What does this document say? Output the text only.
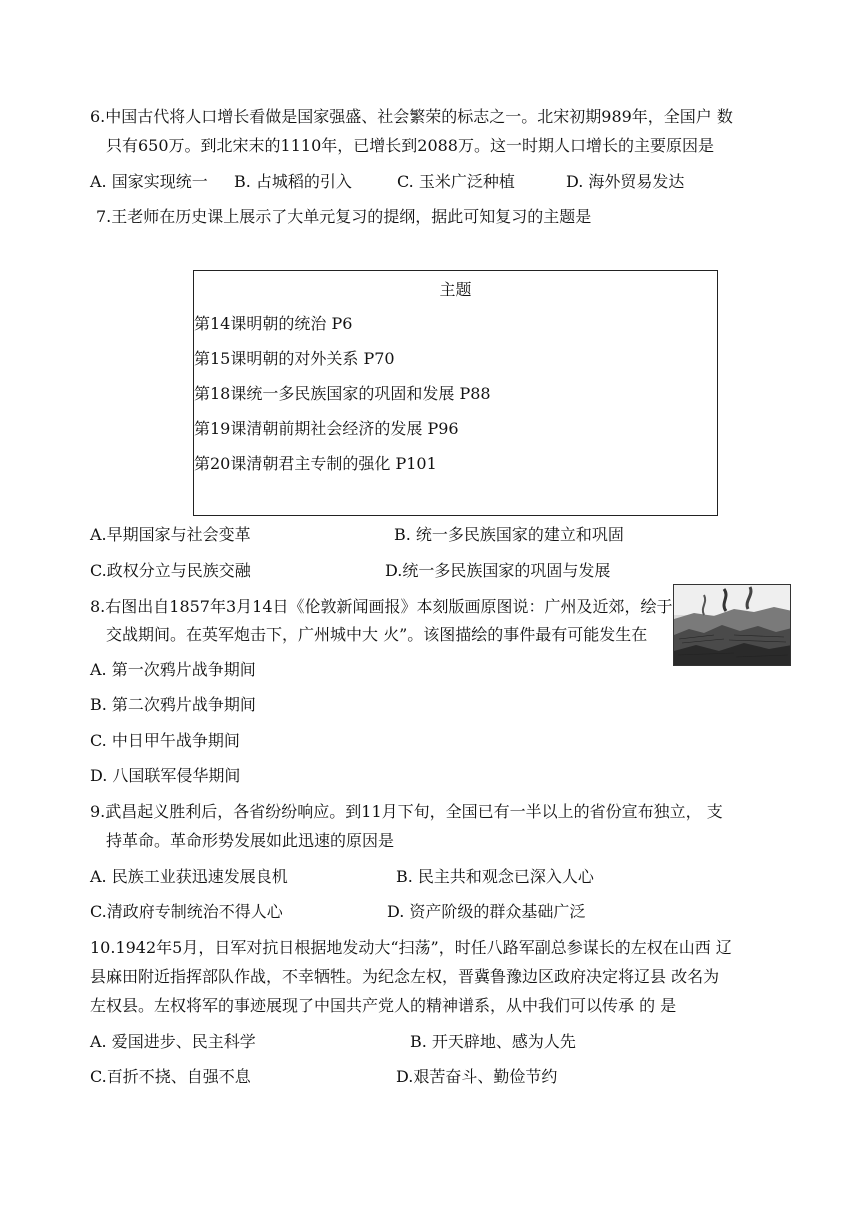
6.中国古代将人口增长看做是国家强盛、社会繁荣的标志之一。北宋初期989年，全国户 数
只有650万。到北宋末的1110年，已增长到2088万。这一时期人口增长的主要原因是
A. 国家实现统一 B. 占城稻的引入	C. 玉米广泛种植	D. 海外贸易发达
7.王老师在历史课上展示了大单元复习的提纲，据此可知复习的主题是
主题
第14课明朝的统治 P6
第15课明朝的对外关系 P70
第18课统一多民族国家的巩固和发展 P88
第19课清朝前期社会经济的发展 P96
第20课清朝君主专制的强化 P101
A.早期国家与社会变革	B. 统一多民族国家的建立和巩固
C.政权分立与民族交融	D.统一多民族国家的巩固与发展
8.右图出自1857年3月14日《伦敦新闻画报》本刻版画原图说：广州及近郊，绘于
交战期间。在英军炮击下，广州城中大 火”。该图描绘的事件最有可能发生在
A. 第一次鸦片战争期间
B. 第二次鸦片战争期间
C. 中日甲午战争期间
D. 八国联军侵华期间
9.武昌起义胜利后，各省纷纷响应。到11月下旬，全国已有一半以上的省份宣布独立， 支
持革命。革命形势发展如此迅速的原因是
A. 民族工业获迅速发展良机	B. 民主共和观念已深入人心
C.清政府专制统治不得人心	D. 资产阶级的群众基础广泛
10.1942年5月，日军对抗日根据地发动大“扫荡”，时任八路军副总参谋长的左权在山西 辽
县麻田附近指挥部队作战，不幸牺牲。为纪念左权，晋冀鲁豫边区政府决定将辽县 改名为
左权县。左权将军的事迹展现了中国共产党人的精神谱系，从中我们可以传承 的 是
A. 爱国进步、民主科学	B. 开天辟地、感为人先
C.百折不挠、自强不息	D.艰苦奋斗、勤俭节约
